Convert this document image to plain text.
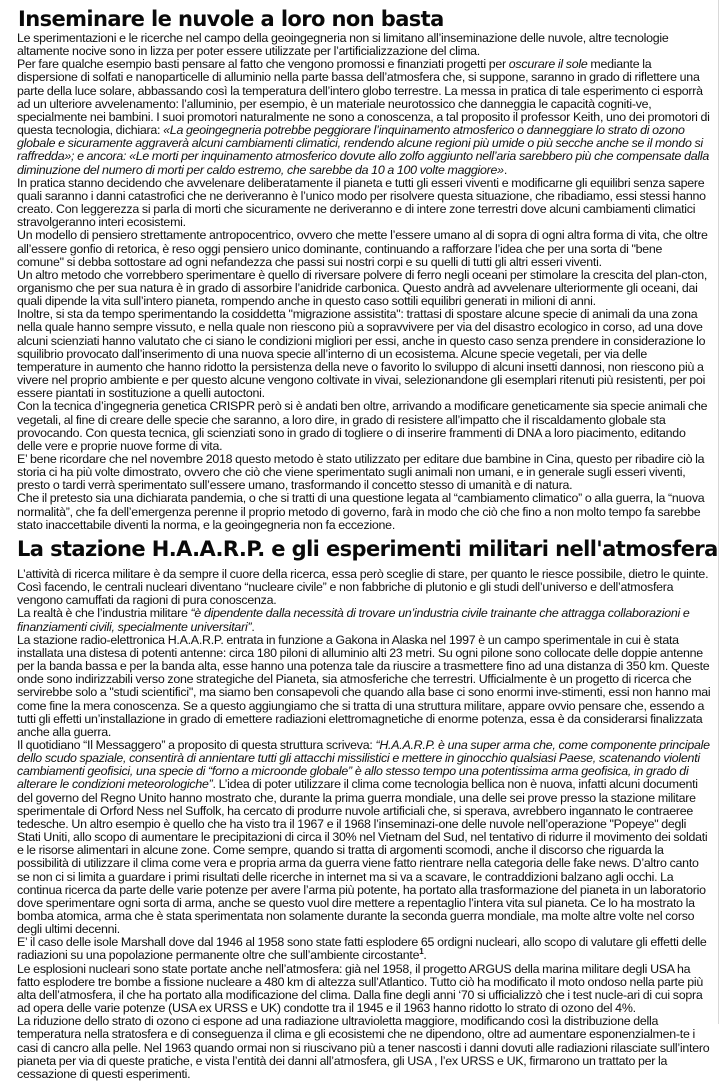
Inseminare le nuvole a loro non basta

Le sperimentazioni e le ricerche nel campo della geoingegneria non si limitano all’inseminazione delle nuvole, altre tecnologie altamente nocive sono in lizza per poter essere utilizzate per l’artificializzazione del clima.

Per fare qualche esempio basti pensare al fatto che vengono promossi e finanziati progetti per oscurare il sole mediante la dispersione di solfati e nanoparticelle di alluminio nella parte bassa dell’atmosfera che, si suppone, saranno in grado di riflettere una parte della luce solare, abbassando così la temperatura dell’intero globo terrestre. La messa in pratica di tale esperimento ci esporrà ad un ulteriore avvelenamento: l’alluminio, per esempio, è un materiale neurotossico che danneggia le capacità cogniti-ve, specialmente nei bambini. I suoi promotori naturalmente ne sono a conoscenza, a tal proposito il professor Keith, uno dei promotori di questa tecnologia, dichiara: «La geoingegneria potrebbe peggiorare l’inquinamento atmosferico o danneggiare lo strato di ozono globale e sicuramente aggraverà alcuni cambiamenti climatici, rendendo alcune regioni più umide o più secche anche se il mondo si raffredda»; e ancora: «Le morti per inquinamento atmosferico dovute allo zolfo aggiunto nell’aria sarebbero più che compensate dalla diminuzione del numero di morti per caldo estremo, che sarebbe da 10 a 100 volte maggiore».

In pratica stanno decidendo che avvelenare deliberatamente il pianeta e tutti gli esseri viventi e modificarne gli equilibri senza sapere quali saranno i danni catastrofici che ne deriveranno è l’unico modo per risolvere questa situazione, che ribadiamo, essi stessi hanno creato. Con leggerezza si parla di morti che sicuramente ne deriveranno e di intere zone terrestri dove alcuni cambiamenti climatici stravolgeranno interi ecosistemi.

Un modello di pensiero strettamente antropocentrico, ovvero che mette l’essere umano al di sopra di ogni altra forma di vita, che oltre all’essere gonfio di retorica, è reso oggi pensiero unico dominante, continuando a rafforzare l’idea che per una sorta di "bene comune" si debba sottostare ad ogni nefandezza che passi sui nostri corpi e su quelli di tutti gli altri esseri viventi.

Un altro metodo che vorrebbero sperimentare è quello di riversare polvere di ferro negli oceani per stimolare la crescita del plan-cton, organismo che per sua natura è in grado di assorbire l’anidride carbonica. Questo andrà ad avvelenare ulteriormente gli oceani, dai quali dipende la vita sull’intero pianeta, rompendo anche in questo caso sottili equilibri generati in milioni di anni.

Inoltre, si sta da tempo sperimentando la cosiddetta "migrazione assistita": trattasi di spostare alcune specie di animali da una zona nella quale hanno sempre vissuto, e nella quale non riescono più a sopravvivere per via del disastro ecologico in corso, ad una dove alcuni scienziati hanno valutato che ci siano le condizioni migliori per essi, anche in questo caso senza prendere in considerazione lo squilibrio provocato dall’inserimento di una nuova specie all’interno di un ecosistema. Alcune specie vegetali, per via delle temperature in aumento che hanno ridotto la persistenza della neve o favorito lo sviluppo di alcuni insetti dannosi, non riescono più a vivere nel proprio ambiente e per questo alcune vengono coltivate in vivai, selezionandone gli esemplari ritenuti più resistenti, per poi essere piantati in sostituzione a quelli autoctoni.

Con la tecnica d’ingegneria genetica CRISPR però si è andati ben oltre, arrivando a modificare geneticamente sia specie animali che vegetali, al fine di creare delle specie che saranno, a loro dire, in grado di resistere all’impatto che il riscaldamento globale sta provocando. Con questa tecnica, gli scienziati sono in grado di togliere o di inserire frammenti di DNA a loro piacimento, editando delle vere e proprie nuove forme di vita.

E’ bene ricordare che nel novembre 2018 questo metodo è stato utilizzato per editare due bambine in Cina, questo per ribadire ciò la storia ci ha più volte dimostrato, ovvero che ciò che viene sperimentato sugli animali non umani, e in generale sugli esseri viventi, presto o tardi verrà sperimentato sull’essere umano, trasformando il concetto stesso di umanità e di natura.

Che il pretesto sia una dichiarata pandemia, o che si tratti di una questione legata al “cambiamento climatico” o alla guerra, la “nuova normalità”, che fa dell’emergenza perenne il proprio metodo di governo, farà in modo che ciò che fino a non molto tempo fa sarebbe stato inaccettabile diventi la norma, e la geoingegneria non fa eccezione.

La stazione H.A.A.R.P. e gli esperimenti militari nell'atmosfera

L’attività di ricerca militare è da sempre il cuore della ricerca, essa però sceglie di stare, per quanto le riesce possibile, dietro le quinte. Così facendo, le centrali nucleari diventano “nucleare civile” e non fabbriche di plutonio e gli studi dell’universo e dell’atmosfera vengono camuffati da ragioni di pura conoscenza.

La realtà è che l’industria militare “è dipendente dalla necessità di trovare un’industria civile trainante che attragga collaborazioni e finanziamenti civili, specialmente universitari”.

La stazione radio-elettronica H.A.A.R.P. entrata in funzione a Gakona in Alaska nel 1997 è un campo sperimentale in cui è stata installata una distesa di potenti antenne: circa 180 piloni di alluminio alti 23 metri. Su ogni pilone sono collocate delle doppie antenne per la banda bassa e per la banda alta, esse hanno una potenza tale da riuscire a trasmettere fino ad una distanza di 350 km. Queste onde sono indirizzabili verso zone strategiche del Pianeta, sia atmosferiche che terrestri. Ufficialmente è un progetto di ricerca che servirebbe solo a "studi scientifici", ma siamo ben consapevoli che quando alla base ci sono enormi inve-stimenti, essi non hanno mai come fine la mera conoscenza. Se a questo aggiungiamo che si tratta di una struttura militare, appare ovvio pensare che, essendo a tutti gli effetti un’installazione in grado di emettere radiazioni elettromagnetiche di enorme potenza, essa è da considerarsi finalizzata anche alla guerra.

Il quotidiano “Il Messaggero” a proposito di questa struttura scriveva: “H.A.A.R.P. è una super arma che, come componente principale dello scudo spaziale, consentirà di annientare tutti gli attacchi missilistici e mettere in ginocchio qualsiasi Paese, scatenando violenti cambiamenti geofisici, una specie di “forno a microonde globale” è allo stesso tempo una potentissima arma geofisica, in grado di alterare le condizioni meteorologiche”. L’idea di poter utilizzare il clima come tecnologia bellica non è nuova, infatti alcuni documenti del governo del Regno Unito hanno mostrato che, durante la prima guerra mondiale, una delle sei prove presso la stazione militare sperimentale di Orford Ness nel Suffolk, ha cercato di produrre nuvole artificiali che, si sperava, avrebbero ingannato le contraeree tedesche. Un altro esempio è quello che ha visto tra il 1967 e il 1968 l’inseminazi-one delle nuvole nell’operazione "Popeye" degli Stati Uniti, allo scopo di aumentare le precipitazioni di circa il 30% nel Vietnam del Sud, nel tentativo di ridurre il movimento dei soldati e le risorse alimentari in alcune zone. Come sempre, quando si tratta di argomenti scomodi, anche il discorso che riguarda la possibilità di utilizzare il clima come vera e propria arma da guerra viene fatto rientrare nella categoria delle fake news. D’altro canto se non ci si limita a guardare i primi risultati delle ricerche in internet ma si va a scavare, le contraddizioni balzano agli occhi. La continua ricerca da parte delle varie potenze per avere l’arma più potente, ha portato alla trasformazione del pianeta in un laboratorio dove sperimentare ogni sorta di arma, anche se questo vuol dire mettere a repentaglio l’intera vita sul pianeta. Ce lo ha mostrato la bomba atomica, arma che è stata sperimentata non solamente durante la seconda guerra mondiale, ma molte altre volte nel corso degli ultimi decenni.

E’ il caso delle isole Marshall dove dal 1946 al 1958 sono state fatti esplodere 65 ordigni nucleari, allo scopo di valutare gli effetti delle radiazioni su una popolazione permanente oltre che sull’ambiente circostante$^1$.

Le esplosioni nucleari sono state portate anche nell’atmosfera: già nel 1958, il progetto ARGUS della marina militare degli USA ha fatto esplodere tre bombe a fissione nucleare a 480 km di altezza sull’Atlantico. Tutto ciò ha modificato il moto ondoso nella parte più alta dell’atmosfera, il che ha portato alla modificazione del clima. Dalla fine degli anni ‘70 si ufficializzò che i test nucle-ari di cui sopra ad opera delle varie potenze (USA ex URSS e UK) condotte tra il 1945 e il 1963 hanno ridotto lo strato di ozono del 4%.

La riduzione dello strato di ozono ci espone ad una radiazione ultravioletta maggiore, modificando così la distribuzione della temperatura nella stratosfera e di conseguenza il clima e gli ecosistemi che ne dipendono, oltre ad aumentare esponenzialmen-te i casi di cancro alla pelle. Nel 1963 quando ormai non si riuscivano più a tener nascosti i danni dovuti alle radiazioni rilasciate sull’intero pianeta per via di queste pratiche, e vista l’entità dei danni all’atmosfera, gli USA , l’ex URSS e UK, firmarono un trattato per la cessazione di questi esperimenti.
